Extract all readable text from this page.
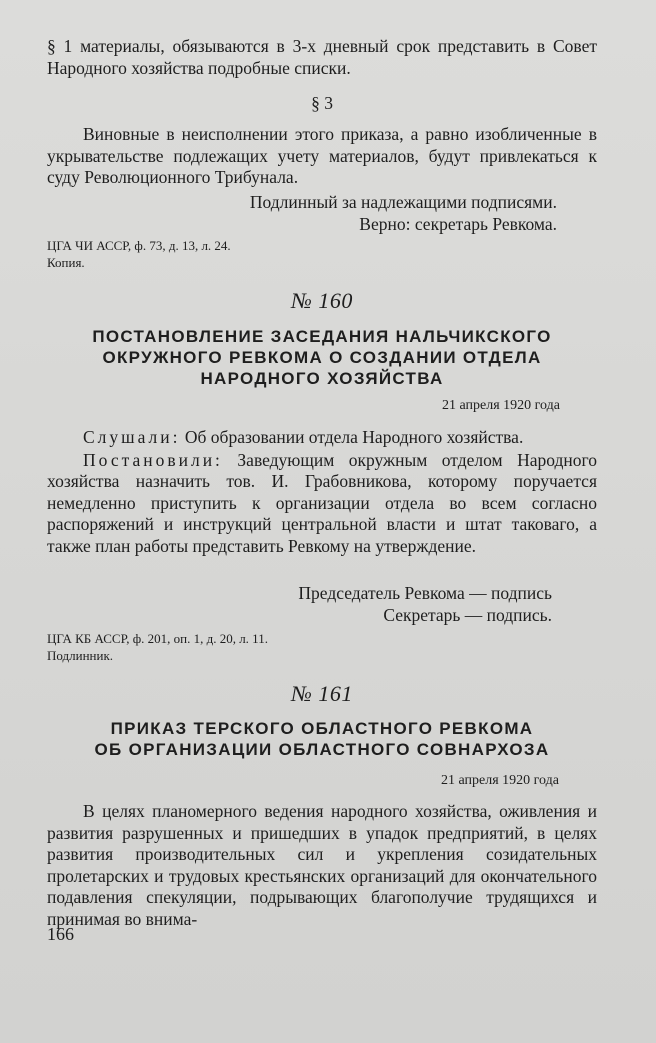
§ 1 материалы, обязываются в 3-х дневный срок представить в Совет Народного хозяйства подробные списки.

§ 3

Виновные в неисполнении этого приказа, а равно изобличенные в укрывательстве подлежащих учету материалов, будут привлекаться к суду Революционного Трибунала.

Подлинный за надлежащими подписями.

Верно: секретарь Ревкома.

ЦГА ЧИ АССР, ф. 73, д. 13, л. 24.

Копия.

№ 160

ПОСТАНОВЛЕНИЕ ЗАСЕДАНИЯ НАЛЬЧИКСКОГО

ОКРУЖНОГО РЕВКОМА О СОЗДАНИИ ОТДЕЛА

НАРОДНОГО ХОЗЯЙСТВА

21 апреля 1920 года

Слушали: Об образовании отдела Народного хозяйства.

Постановили: Заведующим окружным отделом Народного хозяйства назначить тов. И. Грабовникова, которому поручается немедленно приступить к организации отдела во всем согласно распоряжений и инструкций центральной власти и штат таковаго, а также план работы представить Ревкому на утверждение.

Председатель Ревкома — подпись

Секретарь — подпись.

ЦГА КБ АССР, ф. 201, оп. 1, д. 20, л. 11.

Подлинник.

№ 161

ПРИКАЗ ТЕРСКОГО ОБЛАСТНОГО РЕВКОМА

ОБ ОРГАНИЗАЦИИ ОБЛАСТНОГО СОВНАРХОЗА

21 апреля 1920 года

В целях планомерного ведения народного хозяйства, оживления и развития разрушенных и пришедших в упадок предприятий, в целях развития производительных сил и укрепления созидательных пролетарских и трудовых крестьянских организаций для окончательного подавления спекуляции, подрывающих благополучие трудящихся и принимая во внима-

166
